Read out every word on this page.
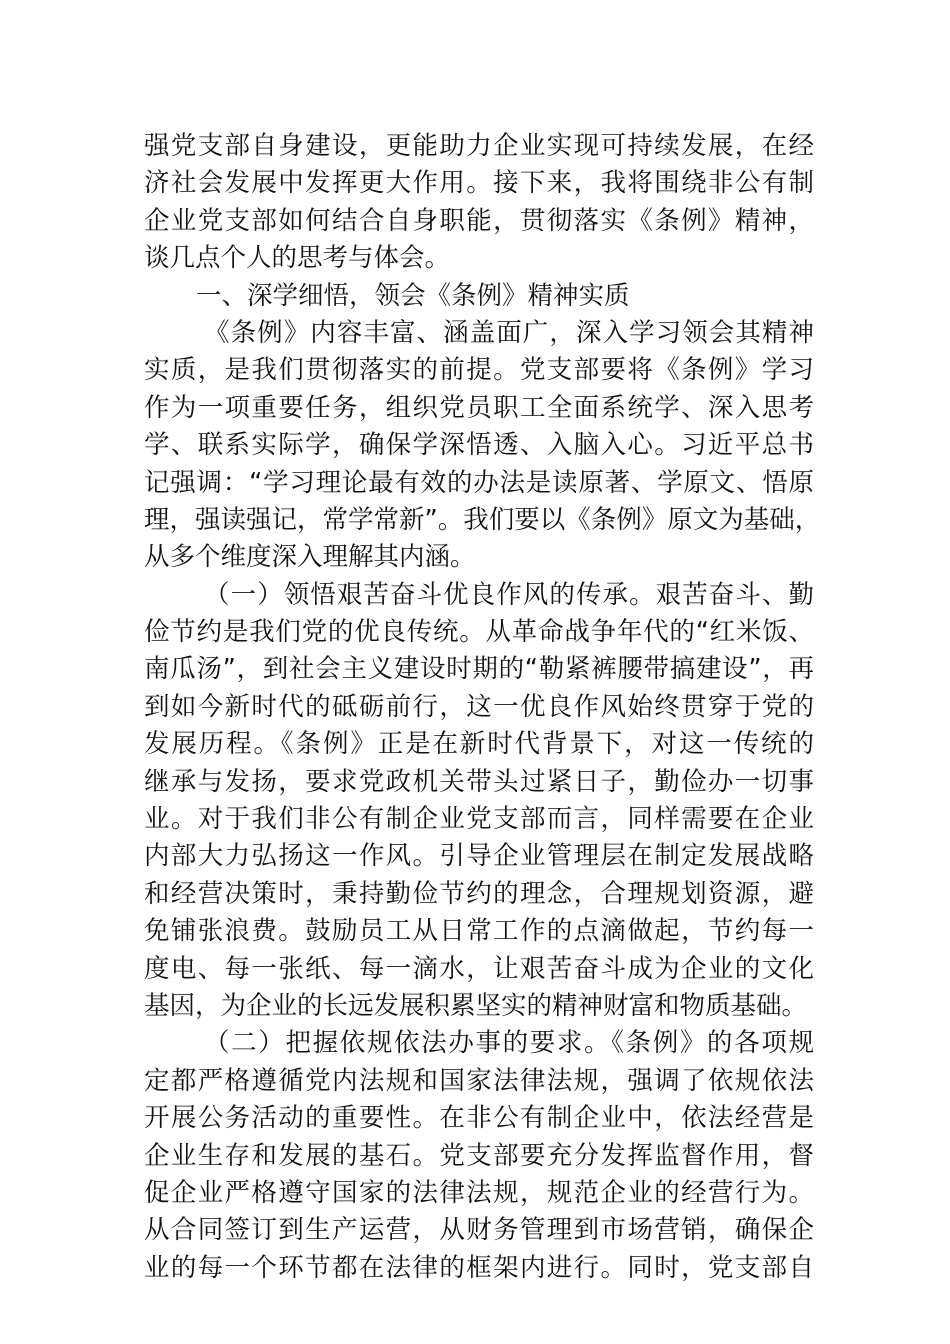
强党支部自身建设，更能助力企业实现可持续发展，在经
济社会发展中发挥更大作用。接下来，我将围绕非公有制
企业党支部如何结合自身职能，贯彻落实《条例》精神，
谈几点个人的思考与体会。
一、深学细悟，领会《条例》精神实质
《条例》内容丰富、涵盖面广，深入学习领会其精神
实质，是我们贯彻落实的前提。党支部要将《条例》学习
作为一项重要任务，组织党员职工全面系统学、深入思考
学、联系实际学，确保学深悟透、入脑入心。习近平总书
记强调：“学习理论最有效的办法是读原著、学原文、悟原
理，强读强记，常学常新”。我们要以《条例》原文为基础，
从多个维度深入理解其内涵。
（一）领悟艰苦奋斗优良作风的传承。艰苦奋斗、勤
俭节约是我们党的优良传统。从革命战争年代的“红米饭、
南瓜汤”，到社会主义建设时期的“勒紧裤腰带搞建设”，再
到如今新时代的砥砺前行，这一优良作风始终贯穿于党的
发展历程。《条例》正是在新时代背景下，对这一传统的
继承与发扬，要求党政机关带头过紧日子，勤俭办一切事
业。对于我们非公有制企业党支部而言，同样需要在企业
内部大力弘扬这一作风。引导企业管理层在制定发展战略
和经营决策时，秉持勤俭节约的理念，合理规划资源，避
免铺张浪费。鼓励员工从日常工作的点滴做起，节约每一
度电、每一张纸、每一滴水，让艰苦奋斗成为企业的文化
基因，为企业的长远发展积累坚实的精神财富和物质基础。
（二）把握依规依法办事的要求。《条例》的各项规
定都严格遵循党内法规和国家法律法规，强调了依规依法
开展公务活动的重要性。在非公有制企业中，依法经营是
企业生存和发展的基石。党支部要充分发挥监督作用，督
促企业严格遵守国家的法律法规，规范企业的经营行为。
从合同签订到生产运营，从财务管理到市场营销，确保企
业的每一个环节都在法律的框架内进行。同时，党支部自
